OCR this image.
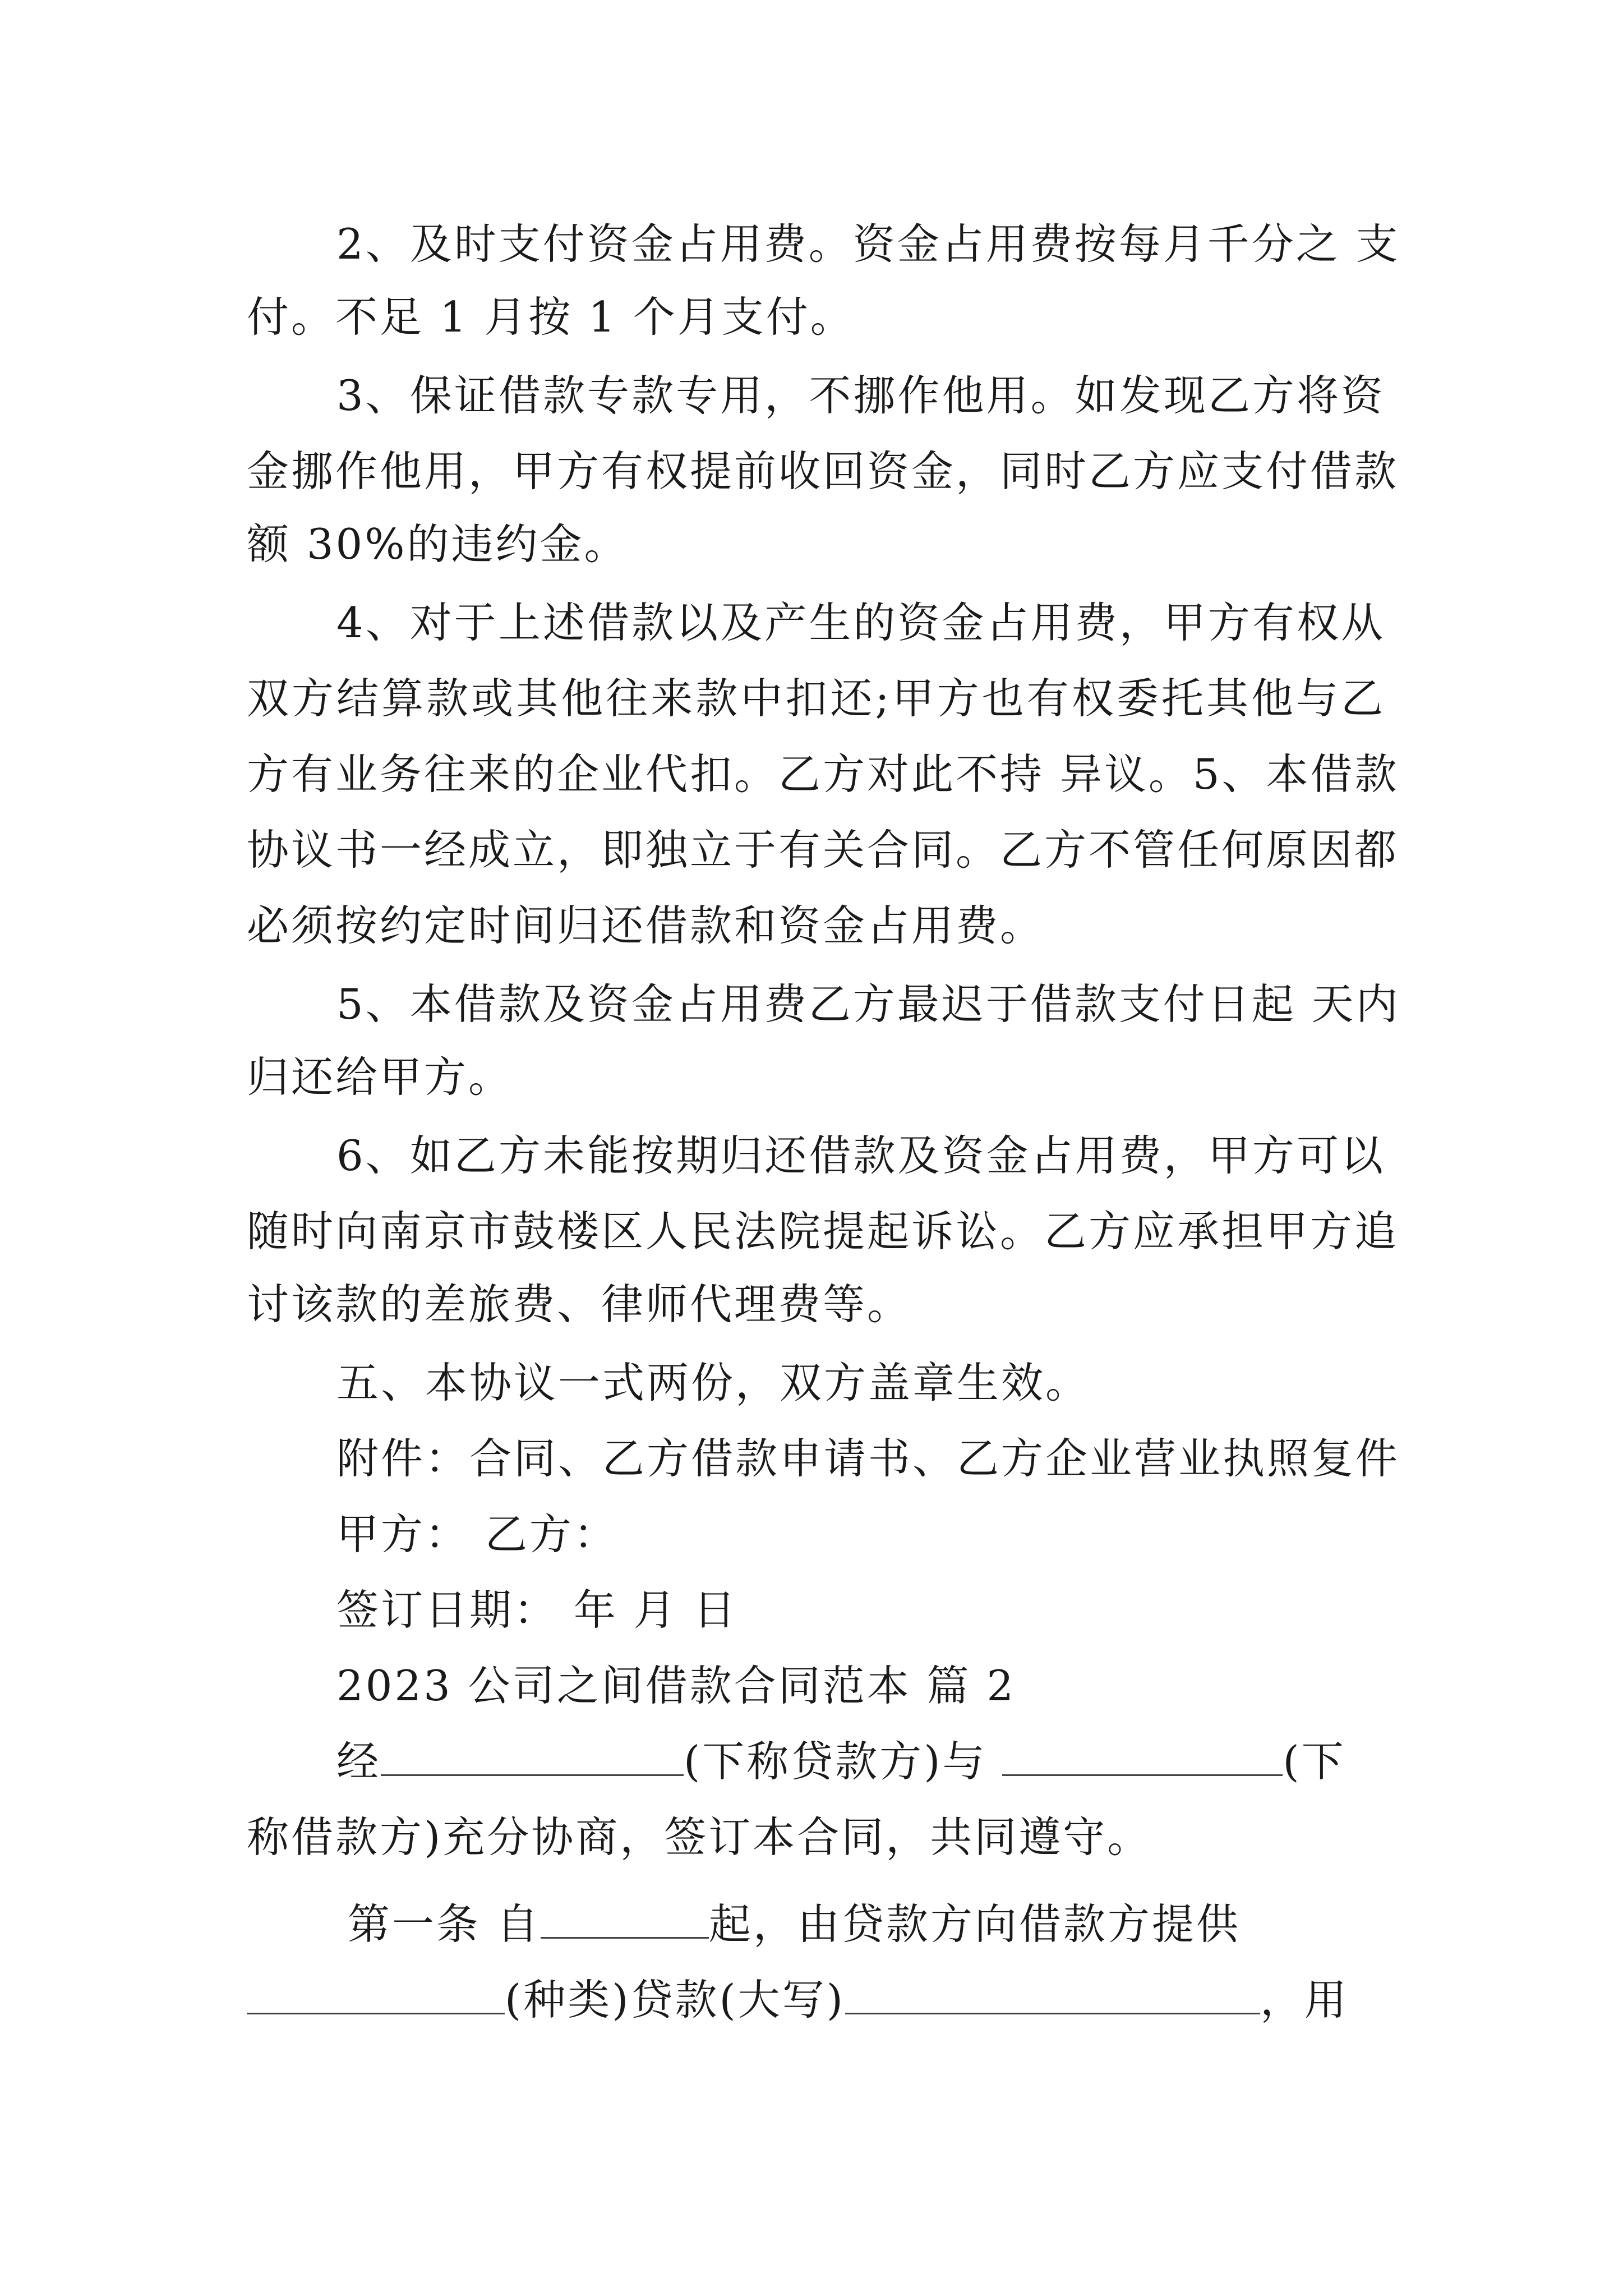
2、及时支付资金占用费。资金占用费按每月千分之 支
付。不足 1 月按 1 个月支付。
3、保证借款专款专用，不挪作他用。如发现乙方将资
金挪作他用，甲方有权提前收回资金，同时乙方应支付借款
额 30%的违约金。
4、对于上述借款以及产生的资金占用费，甲方有权从
双方结算款或其他往来款中扣还;甲方也有权委托其他与乙
方有业务往来的企业代扣。乙方对此不持 异议。5、本借款
协议书一经成立，即独立于有关合同。乙方不管任何原因都
必须按约定时间归还借款和资金占用费。
5、本借款及资金占用费乙方最迟于借款支付日起 天内
归还给甲方。
6、如乙方未能按期归还借款及资金占用费，甲方可以
随时向南京市鼓楼区人民法院提起诉讼。乙方应承担甲方追
讨该款的差旅费、律师代理费等。
五、本协议一式两份，双方盖章生效。
附件：合同、乙方借款申请书、乙方企业营业执照复件
甲方： 乙方：
签订日期： 年 月 日
2023 公司之间借款合同范本 篇 2
经	(下称贷款方)与	(下
称借款方)充分协商，签订本合同，共同遵守。
第一条 自	起，由贷款方向借款方提供
(种类)贷款(大写)	，用
